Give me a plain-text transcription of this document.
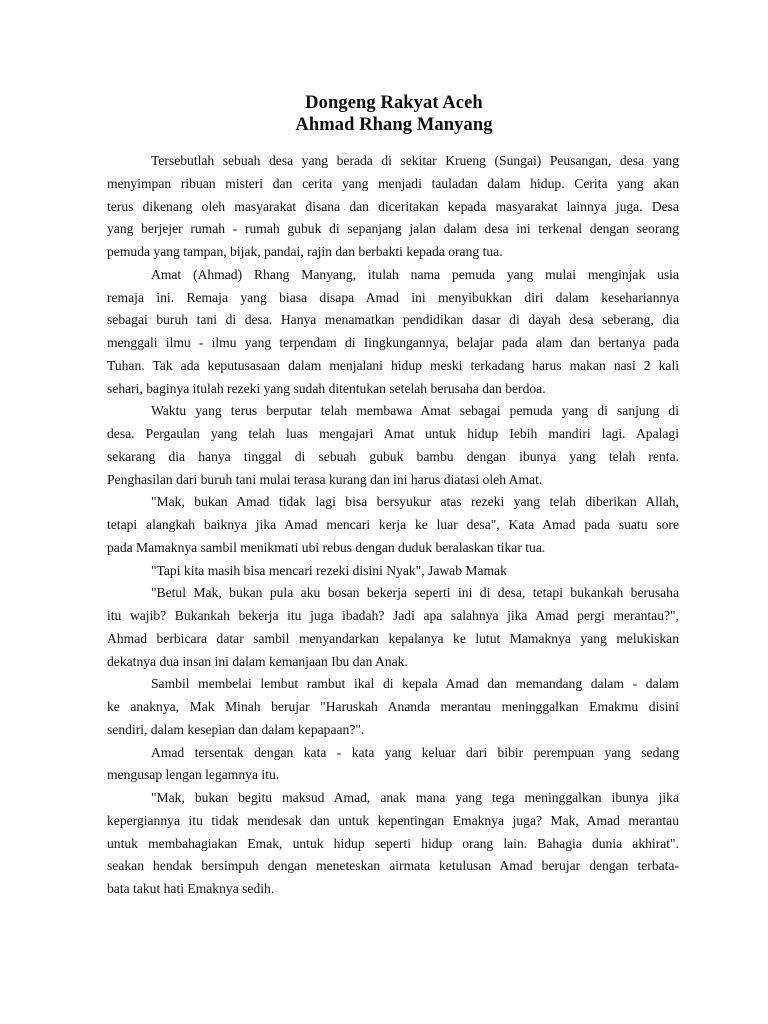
Dongeng Rakyat Aceh
Ahmad Rhang Manyang
Tersebutlah sebuah desa yang berada di sekitar Krueng (Sungai) Peusangan, desa yang
menyimpan ribuan misteri dan cerita yang menjadi tauladan dalam hidup. Cerita yang akan
terus dikenang oleh masyarakat disana dan diceritakan kepada masyarakat lainnya juga. Desa
yang berjejer rumah - rumah gubuk di sepanjang jalan dalam desa ini terkenal dengan seorang
pemuda yang tampan, bijak, pandai, rajin dan berbakti kepada orang tua.
Amat (Ahmad) Rhang Manyang, itulah nama pemuda yang mulai menginjak usia
remaja ini. Remaja yang biasa disapa Amad ini menyibukkan diri dalam kesehariannya
sebagai buruh tani di desa. Hanya menamatkan pendidikan dasar di dayah desa seberang, dia
menggali ilmu - ilmu yang terpendam di Iingkungannya, belajar pada alam dan bertanya pada
Tuhan. Tak ada keputusasaan dalam menjalani hidup meski terkadang harus makan nasi 2 kali
sehari, baginya itulah rezeki yang sudah ditentukan setelah berusaha dan berdoa.
Waktu yang terus berputar telah membawa Amat sebagai pemuda yang di sanjung di
desa. Pergaulan yang telah luas mengajari Amat untuk hidup Iebih mandiri lagi. Apalagi
sekarang dia hanya tinggal di sebuah gubuk bambu dengan ibunya yang telah renta.
Penghasilan dari buruh tani mulai terasa kurang dan ini harus diatasi oleh Amat.
"Mak, bukan Amad tidak lagi bisa bersyukur atas rezeki yang telah diberikan Allah,
tetapi alangkah baiknya jika Amad mencari kerja ke luar desa", Kata Amad pada suatu sore
pada Mamaknya sambil menikmati ubi rebus dengan duduk beralaskan tikar tua.
"Tapi kita masih bisa mencari rezeki disini Nyak", Jawab Mamak
"Betul Mak, bukan pula aku bosan bekerja seperti ini di desa, tetapi bukankah berusaha
itu wajib? Bukankah bekerja itu juga ibadah? Jadi apa salahnya jika Amad pergi merantau?",
Ahmad berbicara datar sambil menyandarkan kepalanya ke lutut Mamaknya yang melukiskan
dekatnya dua insan ini dalam kemanjaan Ibu dan Anak.
Sambil membelai lembut rambut ikal di kepala Amad dan memandang dalam - dalam
ke anaknya, Mak Minah berujar "Haruskah Ananda merantau meninggalkan Emakmu disini
sendiri, dalam kesepian dan dalam kepapaan?".
Amad tersentak dengan kata - kata yang keluar dari bibir perempuan yang sedang
mengusap lengan legamnya itu.
"Mak, bukan begitu maksud Amad, anak mana yang tega meninggalkan ibunya jika
kepergiannya itu tidak mendesak dan untuk kepentingan Emaknya juga? Mak, Amad merantau
untuk membahagiakan Emak, untuk hidup seperti hidup orang lain. Bahagia dunia akhirat".
seakan hendak bersimpuh dengan meneteskan airmata ketulusan Amad berujar dengan terbata-
bata takut hati Emaknya sedih.
